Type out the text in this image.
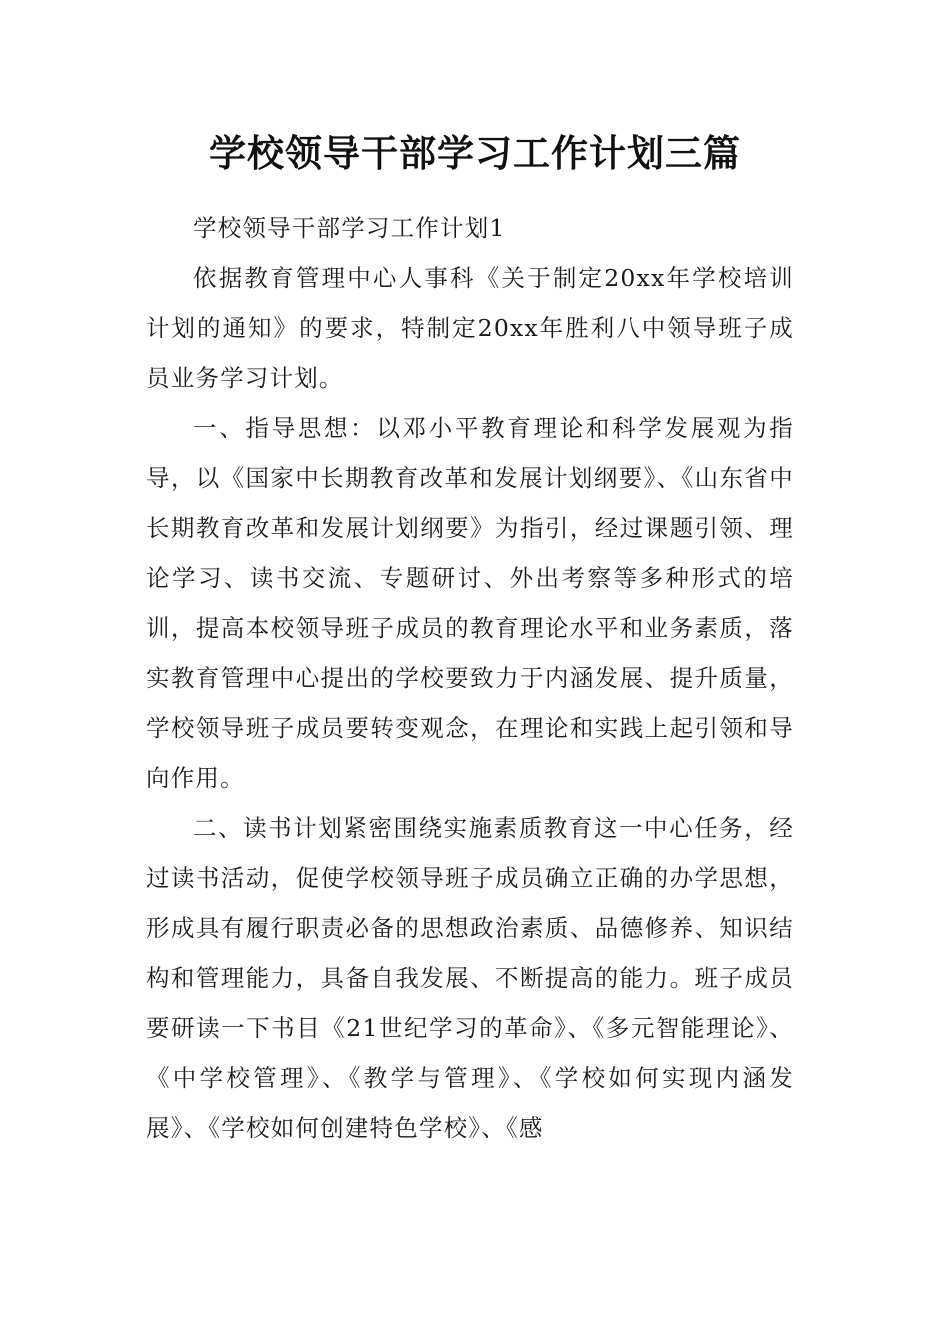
学校领导干部学习工作计划三篇

学校领导干部学习工作计划1

依据教育管理中心人事科《关于制定20xx年学校培训计划的通知》的要求，特制定20xx年胜利八中领导班子成员业务学习计划。

一、指导思想：以邓小平教育理论和科学发展观为指导，以《国家中长期教育改革和发展计划纲要》、《山东省中长期教育改革和发展计划纲要》为指引，经过课题引领、理论学习、读书交流、专题研讨、外出考察等多种形式的培训，提高本校领导班子成员的教育理论水平和业务素质，落实教育管理中心提出的学校要致力于内涵发展、提升质量，学校领导班子成员要转变观念，在理论和实践上起引领和导向作用。

二、读书计划紧密围绕实施素质教育这一中心任务，经过读书活动，促使学校领导班子成员确立正确的办学思想，形成具有履行职责必备的思想政治素质、品德修养、知识结构和管理能力，具备自我发展、不断提高的能力。班子成员要研读一下书目《21世纪学习的革命》、《多元智能理论》、《中学校管理》、《教学与管理》、《学校如何实现内涵发展》、《学校如何创建特色学校》、《感
